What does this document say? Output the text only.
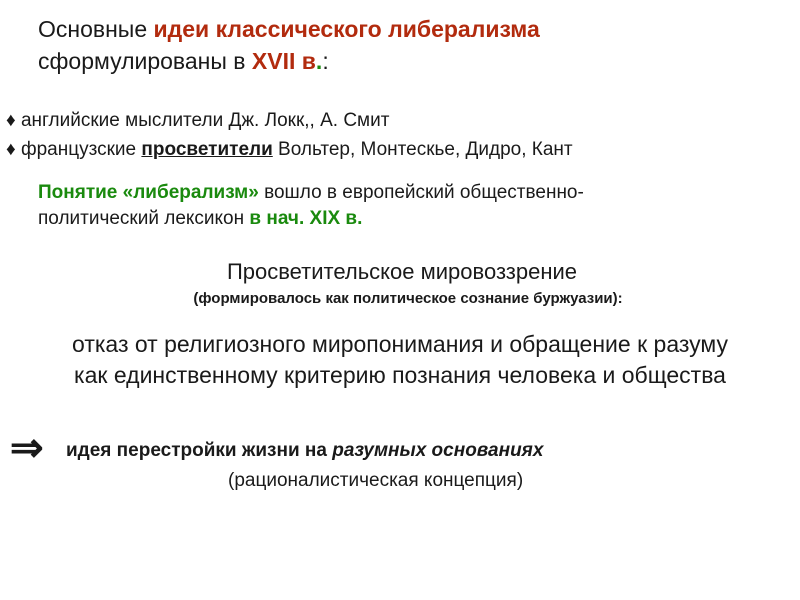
Основные идеи классического либерализма
сформулированы в XVII в.:
♦ английские мыслители Дж. Локк,, А. Смит
♦ французские просветители Вольтер, Монтескье, Дидро, Кант
Понятие «либерализм» вошло в европейский общественно-
политический лексикон в нач. XIX в.
Просветительское мировоззрение
(формировалось как политическое сознание буржуазии):
отказ от религиозного миропонимания и обращение к разуму
как единственному критерию познания человека и общества
⇒ идея перестройки жизни на разумных основаниях
(рационалистическая концепция)
